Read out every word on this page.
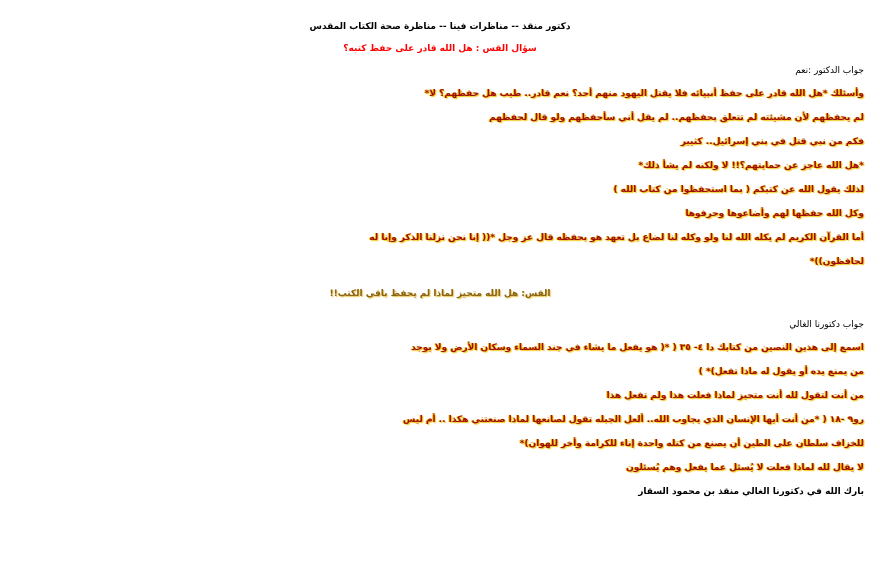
دكتور منقذ -- مناظرات فينا -- مناظرة صحة الكتاب المقدس
سؤال القس : هل الله قادر على حفظ كتبه؟
جواب الدكتور :نعم
وأسئلك *هل الله قادر على حفظ أنبيائه فلا يقتل اليهود منهم أحد؟ نعم قادر.. طيب هل حفظهم؟ لا*
لم يحفظهم لأن مشيئته لم تتعلق بحفظهم.. لم يقل أني سأحفظهم ولو قال لحفظهم
فكم من نبي قتل في بني إسرائيل.. كثيير
*هل الله عاجز عن حمايتهم؟!! لا ولكنه لم يشأ ذلك*
لذلك يقول الله عن كتبكم ( بما استحفظوا من كتاب الله )
وكل الله حفظها لهم وأضاعوها وحرفوها
أما القرآن الكريم لم يكله الله لنا ولو وكله لنا لضاع بل تعهد هو بحفظه قال عز وجل *(( إنا نحن نزلنا الذكر وإنا له
لحافظون))*
القس: هل الله متحيز لماذا لم يحفظ باقي الكتب!!
جواب دكتورنا الغالي
اسمع إلى هذين النصين من كتابك دا ٤- ٣٥ ( *( هو يفعل ما يشاء في جند السماء وسكان الأرض ولا يوجد
من يمنع يده أو يقول له ماذا تفعل)* )
من أنت لتقول لله أنت متحيز لماذا فعلت هذا ولم تفعل هذا
رو٩ -١٨ ( *من أنت أيها الإنسان الذي يجاوب الله.. ألعل الجبله تقول لصانعها لماذا صنعتني هكذا .. أم ليس
للخزاف سلطان على الطين أن يصنع من كتله واحدة إناء للكرامة وأخر للهوان)*
لا يقال لله لماذا فعلت لا يُسئل عما يفعل وهم يُسئلون
بارك الله في دكتورنا الغالي منقذ بن محمود السقار
